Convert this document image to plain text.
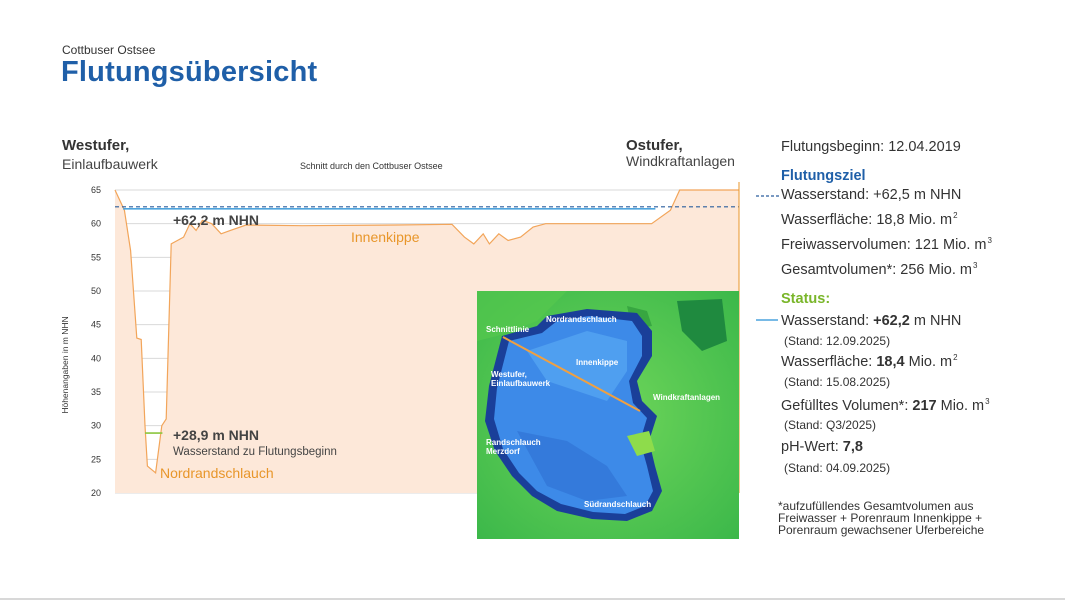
Cottbuser Ostsee
Flutungsübersicht
Westufer,
Einlaufbauwerk
Ostufer,
Windkraftanlagen
Schnitt durch den Cottbuser Ostsee
20
25
30
35
40
45
50
55
60
65
Höhenangaben in m NHN
+62,2 m NHN
Innenkippe
+28,9 m NHN
Wasserstand zu Flutungsbeginn
Nordrandschlauch
Nordrandschlauch
Schnittlinie
Innenkippe
Westufer,
Einlaufbauwerk
Windkraftanlagen
Randschlauch
Merzdorf
Südrandschlauch
Flutungsbeginn: 12.04.2019
Flutungsziel
Wasserstand: +62,5 m NHN
Wasserfläche: 18,8 Mio. $m^2$
Freiwasservolumen: 121 Mio. $m^3$
Gesamtvolumen*: 256 Mio. $m^3$
Status:
Wasserstand: +62,2 m NHN
(Stand: 12.09.2025)
Wasserfläche: 18,4 Mio. $m^2$
(Stand: 15.08.2025)
Gefülltes Volumen*: 217 Mio. $m^3$
(Stand: Q3/2025)
pH-Wert: 7,8
(Stand: 04.09.2025)
*aufzufüllendes Gesamtvolumen aus
Freiwasser + Porenraum Innenkippe +
Porenraum gewachsener Uferbereiche
